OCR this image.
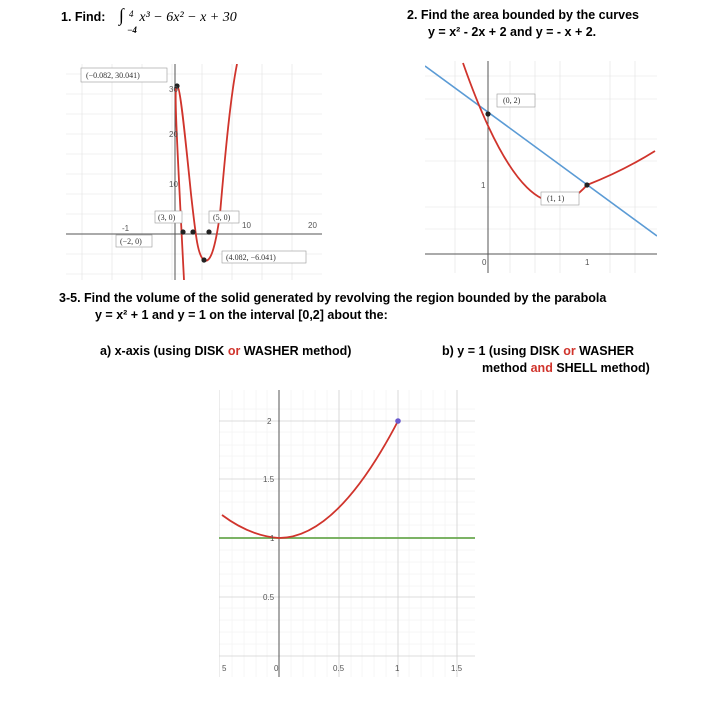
1. Find: ∫ 4
−4
x³ − 6x² − x + 30	2. Find the area bounded by the curves
y = x² - 2x + 2 and y = - x + 2.
(−0.082, 30.041)
(3, 0)	(5, 0)
(−2, 0)
(4.082, −6.041)
30
20
10
10	20
-1
(0, 2)
(1, 1)
1
0	1
3-5. Find the volume of the solid generated by revolving the region bounded by the parabola
y = x² + 1 and y = 1 on the interval [0,2] about the:
a) x-axis (using DISK or WASHER method)	b) y = 1 (using DISK or WASHER
method and SHELL method)
2
1.5
1
0.5
5	0	0.5	1	1.5
